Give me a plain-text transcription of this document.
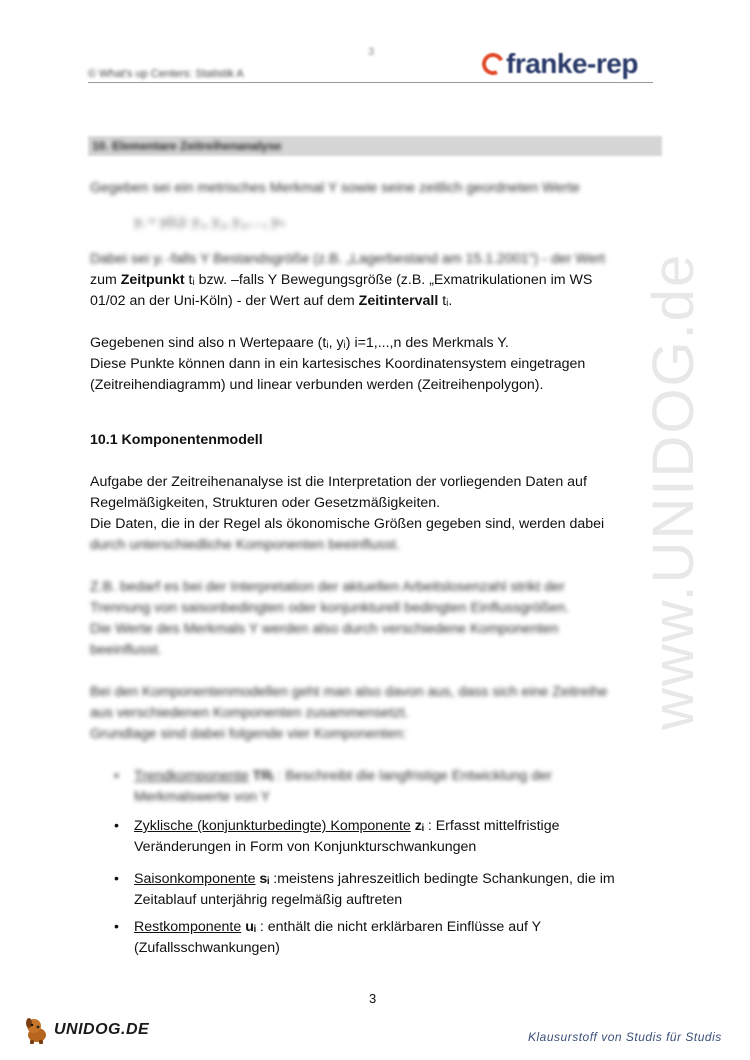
www.UNIDOG.de
3
© What's up Centers: Statistik A	franke-rep
10. Elementare Zeitreihenanalyse
Gegeben sei ein metrisches Merkmal Y sowie seine zeitlich geordneten Werte
yᵢ = y(tᵢ): y₁, y₂, y₃,…, yₙ
Dabei sei yᵢ -falls Y Bestandsgröße (z.B. „Lagerbestand am 15.1.2001") - der Wert
zum Zeitpunkt tᵢ bzw. –falls Y Bewegungsgröße (z.B. „Exmatrikulationen im WS
01/02 an der Uni-Köln) - der Wert auf dem Zeitintervall tᵢ.
Gegebenen sind also n Wertepaare (tᵢ, yᵢ) i=1,...,n des Merkmals Y.
Diese Punkte können dann in ein kartesisches Koordinatensystem eingetragen
(Zeitreihendiagramm) und linear verbunden werden (Zeitreihenpolygon).
10.1 Komponentenmodell
Aufgabe der Zeitreihenanalyse ist die Interpretation der vorliegenden Daten auf
Regelmäßigkeiten, Strukturen oder Gesetzmäßigkeiten.
Die Daten, die in der Regel als ökonomische Größen gegeben sind, werden dabei
durch unterschiedliche Komponenten beeinflusst.
Z.B. bedarf es bei der Interpretation der aktuellen Arbeitslosenzahl strikt der
Trennung von saisonbedingten oder konjunkturell bedingten Einflussgrößen.
Die Werte des Merkmals Y werden also durch verschiedene Komponenten
beeinflusst.
Bei den Komponentenmodellen geht man also davon aus, dass sich eine Zeitreihe
aus verschiedenen Komponenten zusammensetzt.
Grundlage sind dabei folgende vier Komponenten:
• Trendkomponente TRᵢ : Beschreibt die langfristige Entwicklung der
Merkmalswerte von Y
• Zyklische (konjunkturbedingte) Komponente zᵢ : Erfasst mittelfristige
Veränderungen in Form von Konjunkturschwankungen
• Saisonkomponente sᵢ :meistens jahreszeitlich bedingte Schankungen, die im
Zeitablauf unterjährig regelmäßig auftreten
• Restkomponente uᵢ : enthält die nicht erklärbaren Einflüsse auf Y
(Zufallsschwankungen)
3
UNIDOG.DE	Klausurstoff von Studis für Studis
